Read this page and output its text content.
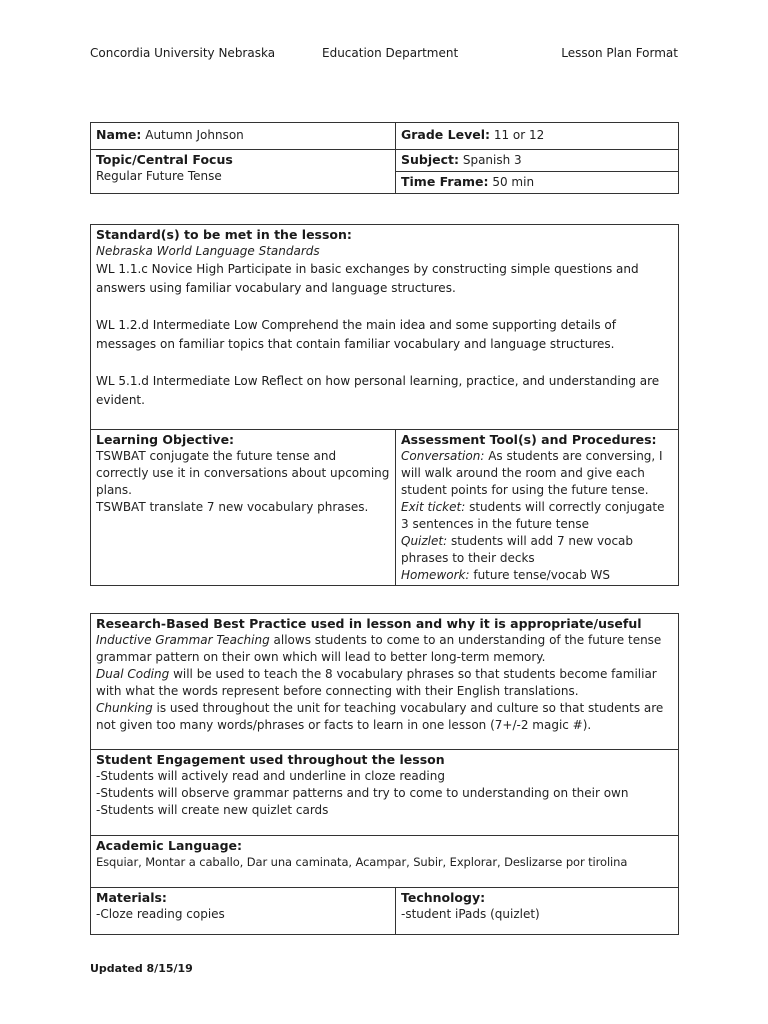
Concordia University Nebraska	Education Department	Lesson Plan Format
Name: Autumn Johnson	Grade Level: 11 or 12

Topic/Central Focus
Regular Future Tense	Subject: Spanish 3
	Time Frame: 50 min
Standard(s) to be met in the lesson:
Nebraska World Language Standards
WL 1.1.c Novice High Participate in basic exchanges by constructing simple questions and answers using familiar vocabulary and language structures.
WL 1.2.d Intermediate Low Comprehend the main idea and some supporting details of messages on familiar topics that contain familiar vocabulary and language structures.
WL 5.1.d Intermediate Low Reflect on how personal learning, practice, and understanding are evident.

Learning Objective:
TSWBAT conjugate the future tense and correctly use it in conversations about upcoming plans.
TSWBAT translate 7 new vocabulary phrases.

Assessment Tool(s) and Procedures:
Conversation: As students are conversing, I will walk around the room and give each student points for using the future tense.
Exit ticket: students will correctly conjugate 3 sentences in the future tense
Quizlet: students will add 7 new vocab phrases to their decks
Homework: future tense/vocab WS
Research-Based Best Practice used in lesson and why it is appropriate/useful
Inductive Grammar Teaching allows students to come to an understanding of the future tense grammar pattern on their own which will lead to better long-term memory.
Dual Coding will be used to teach the 8 vocabulary phrases so that students become familiar with what the words represent before connecting with their English translations.
Chunking is used throughout the unit for teaching vocabulary and culture so that students are not given too many words/phrases or facts to learn in one lesson (7+/-2 magic #).

Student Engagement used throughout the lesson
-Students will actively read and underline in cloze reading
-Students will observe grammar patterns and try to come to understanding on their own
-Students will create new quizlet cards

Academic Language:
Esquiar, Montar a caballo, Dar una caminata, Acampar, Subir, Explorar, Deslizarse por tirolina

Materials:
-Cloze reading copies

Technology:
-student iPads (quizlet)
Updated 8/15/19
